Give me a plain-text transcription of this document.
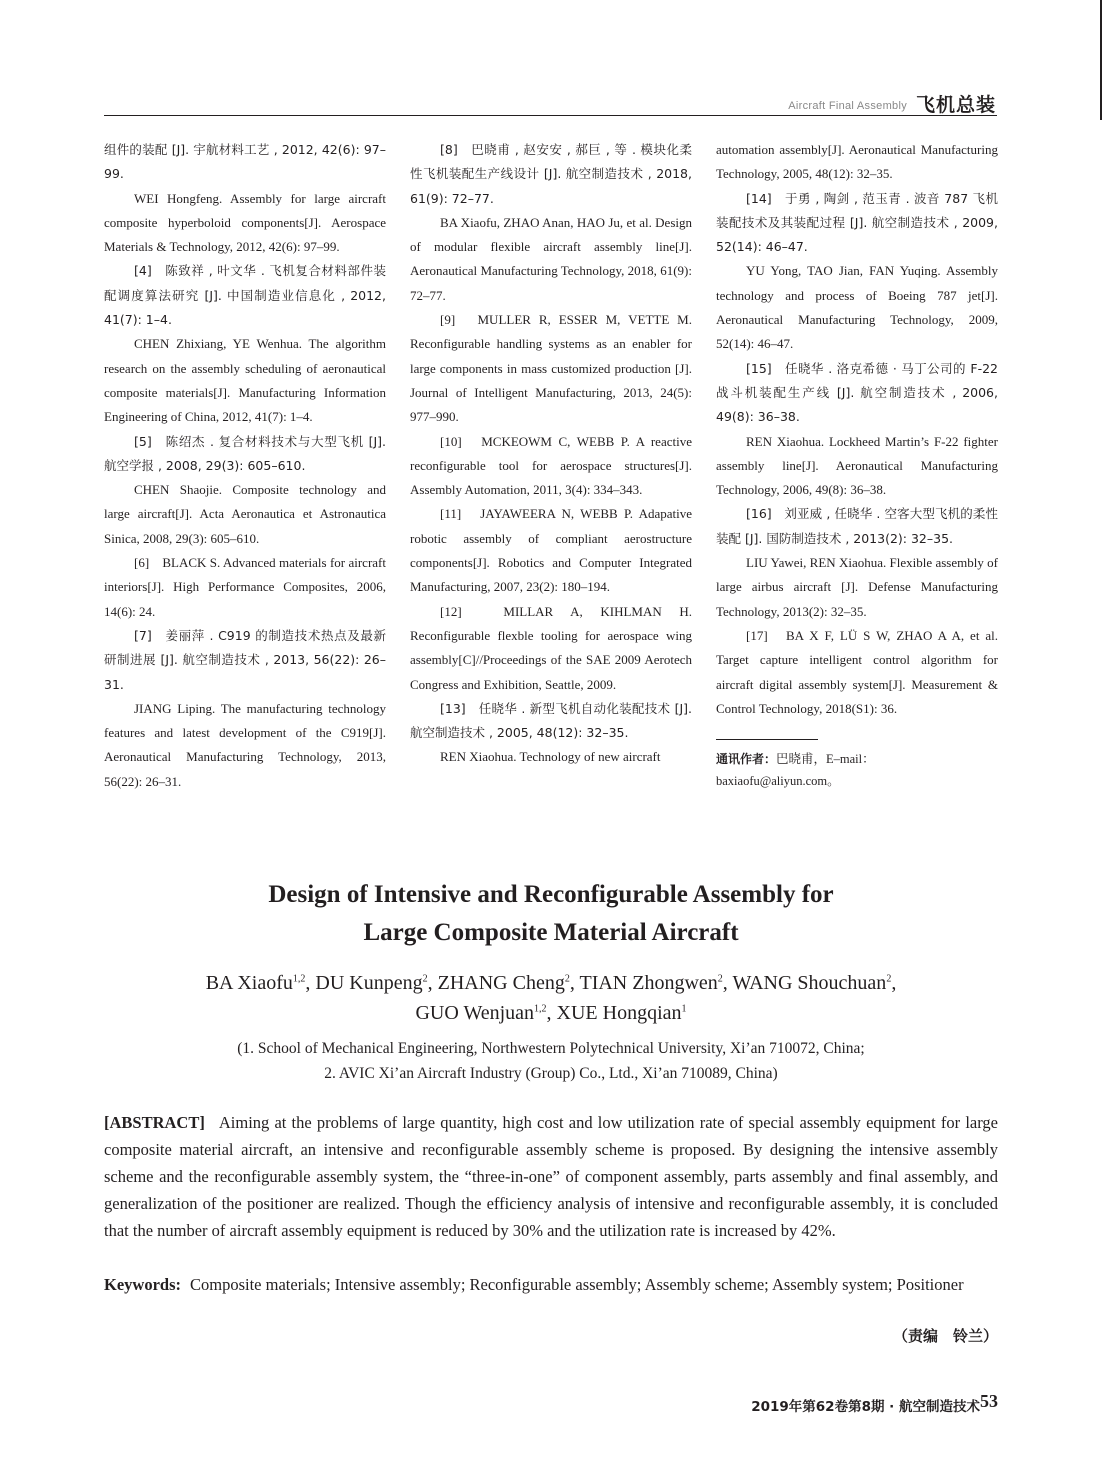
Aircraft Final Assembly 飞机总装

组件的装配 [J]. 宇航材料工艺 , 2012, 42(6): 97–99.

WEI Hongfeng. Assembly for large aircraft composite hyperboloid components[J]. Aerospace Materials & Technology, 2012, 42(6): 97–99.

[4]　陈致祥 , 叶文华 . 飞机复合材料部件装配调度算法研究 [J]. 中国制造业信息化 , 2012, 41(7): 1–4.

CHEN Zhixiang, YE Wenhua. The algorithm research on the assembly scheduling of aeronautical composite materials[J]. Manufacturing Information Engineering of China, 2012, 41(7): 1–4.

[5]　陈绍杰 . 复合材料技术与大型飞机 [J]. 航空学报 , 2008, 29(3): 605–610.

CHEN Shaojie. Composite technology and large aircraft[J]. Acta Aeronautica et Astronautica Sinica, 2008, 29(3): 605–610.

[6]　BLACK S. Advanced materials for aircraft interiors[J]. High Performance Composites, 2006, 14(6): 24.

[7]　姜丽萍 . C919 的制造技术热点及最新研制进展 [J]. 航空制造技术 , 2013, 56(22): 26–31.

JIANG Liping. The manufacturing technology features and latest development of the C919[J]. Aeronautical Manufacturing Technology, 2013, 56(22): 26–31.

[8]　巴晓甫 , 赵安安 , 郝巨 , 等 . 模块化柔性飞机装配生产线设计 [J]. 航空制造技术 , 2018, 61(9): 72–77.

BA Xiaofu, ZHAO Anan, HAO Ju, et al. Design of modular flexible aircraft assembly line[J]. Aeronautical Manufacturing Technology, 2018, 61(9): 72–77.

[9]　MULLER R, ESSER M, VETTE M. Reconfigurable handling systems as an enabler for large components in mass customized production [J]. Journal of Intelligent Manufacturing, 2013, 24(5): 977–990.

[10]　MCKEOWM C, WEBB P. A reactive reconfigurable tool for aerospace structures[J]. Assembly Automation, 2011, 3(4): 334–343.

[11]　JAYAWEERA N, WEBB P. Adapative robotic assembly of compliant aerostructure components[J]. Robotics and Computer Integrated Manufacturing, 2007, 23(2): 180–194.

[12]　MILLAR A, KIHLMAN H. Reconfigurable flexble tooling for aerospace wing assembly[C]//Proceedings of the SAE 2009 Aerotech Congress and Exhibition, Seattle, 2009.

[13]　任晓华 . 新型飞机自动化装配技术 [J]. 航空制造技术 , 2005, 48(12): 32–35.

REN Xiaohua. Technology of new aircraft

automation assembly[J]. Aeronautical Manufacturing Technology, 2005, 48(12): 32–35.

[14]　于勇 , 陶剑 , 范玉青 . 波音 787 飞机装配技术及其装配过程 [J]. 航空制造技术 , 2009, 52(14): 46–47.

YU Yong, TAO Jian, FAN Yuqing. Assembly technology and process of Boeing 787 jet[J]. Aeronautical Manufacturing Technology, 2009, 52(14): 46–47.

[15]　任晓华 . 洛克希德 · 马丁公司的 F-22 战斗机装配生产线 [J]. 航空制造技术 , 2006, 49(8): 36–38.

REN Xiaohua. Lockheed Martin’s F-22 fighter assembly line[J]. Aeronautical Manufacturing Technology, 2006, 49(8): 36–38.

[16]　刘亚威 , 任晓华 . 空客大型飞机的柔性装配 [J]. 国防制造技术 , 2013(2): 32–35.

LIU Yawei, REN Xiaohua. Flexible assembly of large airbus aircraft [J]. Defense Manufacturing Technology, 2013(2): 32–35.

[17]　BA X F, LÜ S W, ZHAO A A, et al. Target capture intelligent control algorithm for aircraft digital assembly system[J]. Measurement & Control Technology, 2018(S1): 36.

通讯作者：巴晓甫，E–mail：baxiaofu@aliyun.com。
Design of Intensive and Reconfigurable Assembly for
Large Composite Material Aircraft
BA Xiaofu$^{1,2}$, DU Kunpeng$^2$, ZHANG Cheng$^2$, TIAN Zhongwen$^2$, WANG Shouchuan$^2$,
GUO Wenjuan$^{1,2}$, XUE Hongqian$^1$
(1. School of Mechanical Engineering, Northwestern Polytechnical University, Xi’an 710072, China;
2. AVIC Xi’an Aircraft Industry (Group) Co., Ltd., Xi’an 710089, China)
[ABSTRACT] Aiming at the problems of large quantity, high cost and low utilization rate of special assembly equipment for large composite material aircraft, an intensive and reconfigurable assembly scheme is proposed. By designing the intensive assembly scheme and the reconfigurable assembly system, the “three-in-one” of component assembly, parts assembly and final assembly, and generalization of the positioner are realized. Though the efficiency analysis of intensive and reconfigurable assembly, it is concluded that the number of aircraft assembly equipment is reduced by 30% and the utilization rate is increased by 42%.
Keywords: Composite materials; Intensive assembly; Reconfigurable assembly; Assembly scheme; Assembly system; Positioner
（责编　铃兰）
2019年第62卷第8期 · 航空制造技术 53
